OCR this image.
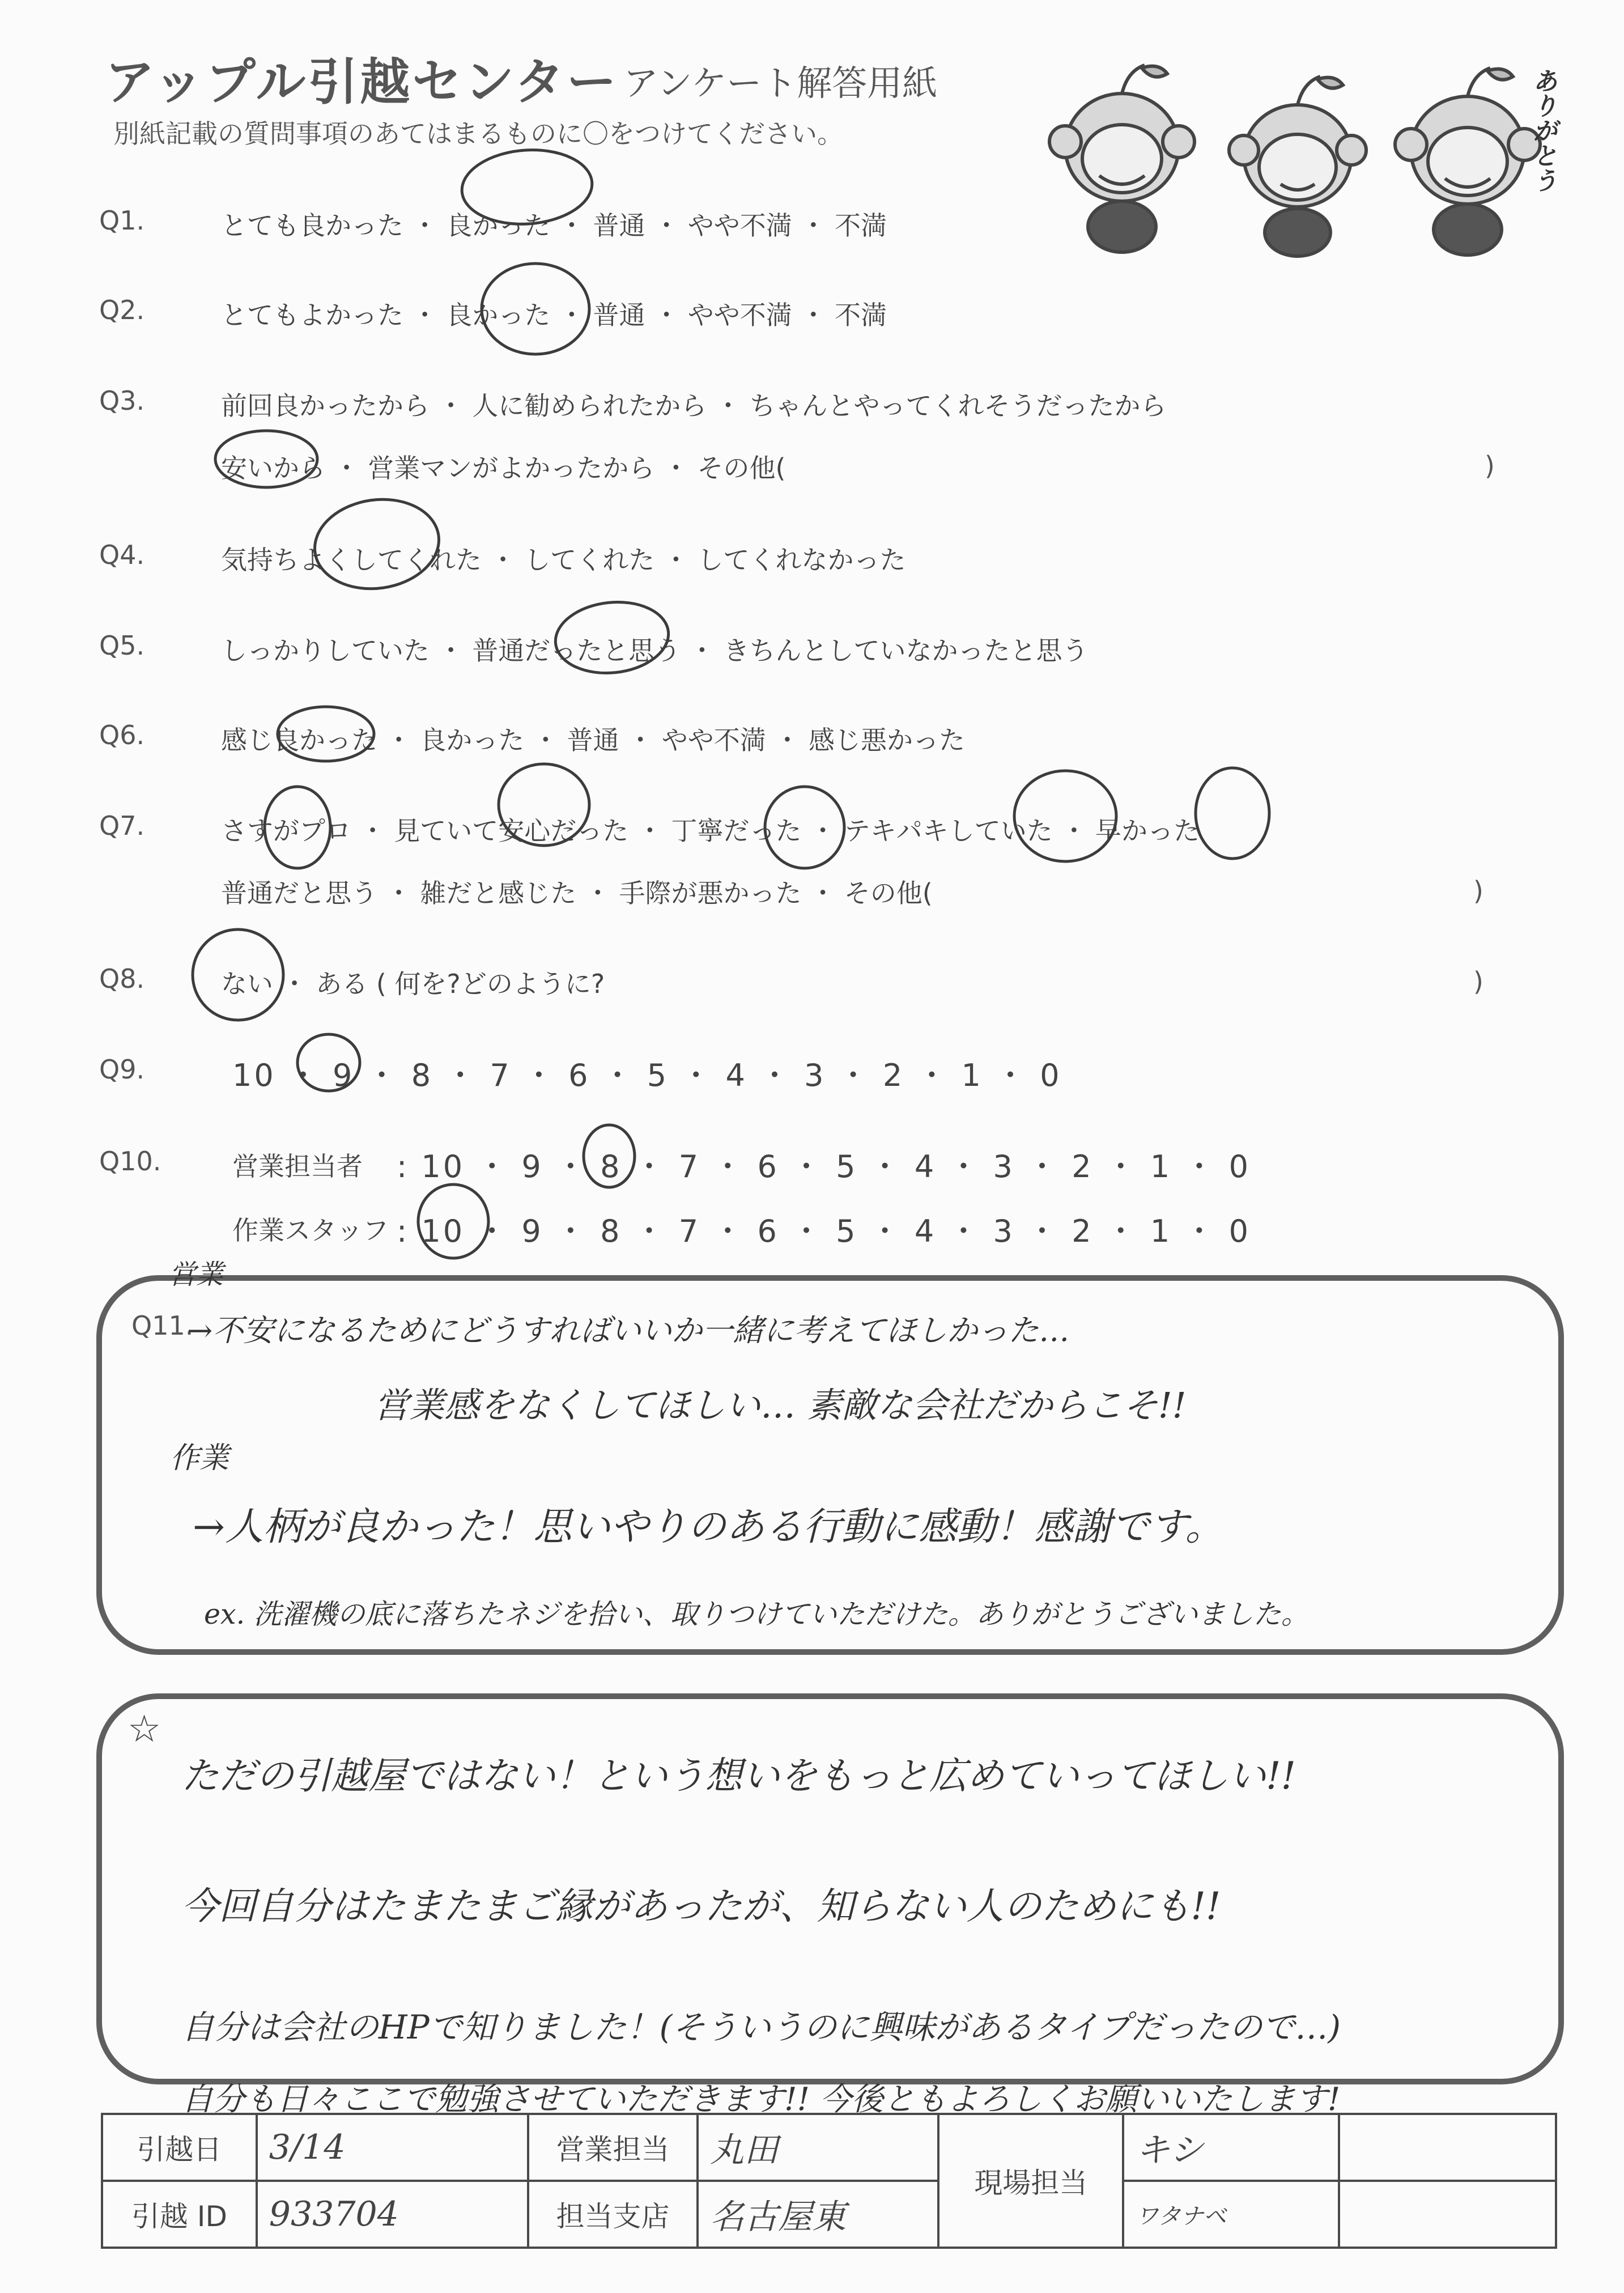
アップル引越センター アンケート解答用紙
別紙記載の質問事項のあてはまるものに〇をつけてください。	ありがとう
Q1.	とても良かった ・ 良かった ・ 普通 ・ やや不満 ・ 不満
Q2.	とてもよかった ・ 良かった ・ 普通 ・ やや不満 ・ 不満
Q3.	前回良かったから ・ 人に勧められたから ・ ちゃんとやってくれそうだったから
安いから ・ 営業マンがよかったから ・ その他(	)
Q4.	気持ちよくしてくれた ・ してくれた ・ してくれなかった
Q5.	しっかりしていた ・ 普通だったと思う ・ きちんとしていなかったと思う
Q6.	感じ良かった ・ 良かった ・ 普通 ・ やや不満 ・ 感じ悪かった
Q7.	さすがプロ ・ 見ていて安心だった ・ 丁寧だった ・ テキパキしていた ・ 早かった
普通だと思う ・ 雑だと感じた ・ 手際が悪かった ・ その他(	)
Q8.	ない ・ ある ( 何を?どのように?	)
Q9.	10 ・ 9 ・ 8 ・ 7 ・ 6 ・ 5 ・ 4 ・ 3 ・ 2 ・ 1 ・ 0
Q10.	営業担当者 : 10 ・ 9 ・ 8 ・ 7 ・ 6 ・ 5 ・ 4 ・ 3 ・ 2 ・ 1 ・ 0
作業スタッフ : 10 ・ 9 ・ 8 ・ 7 ・ 6 ・ 5 ・ 4 ・ 3 ・ 2 ・ 1 ・ 0
Q11.
営業
→不安になるためにどうすればいいか一緒に考えてほしかった…
営業感をなくしてほしい… 素敵な会社だからこそ!!
作業
→人柄が良かった！思いやりのある行動に感動！感謝です。
ex. 洗濯機の底に落ちたネジを拾い、取りつけていただけた。ありがとうございました。
☆
ただの引越屋ではない！という想いをもっと広めていってほしい!!
今回自分はたまたまご縁があったが、知らない人のためにも!!
自分は会社のHPで知りました！(そういうのに興味があるタイプだったので…)
自分も日々ここで勉強させていただきます!! 今後ともよろしくお願いいたします!
引越日	3/14	営業担当	丸田	現場担当	キシ	
引越 ID	933704	担当支店	名古屋東		ワタナベ	
